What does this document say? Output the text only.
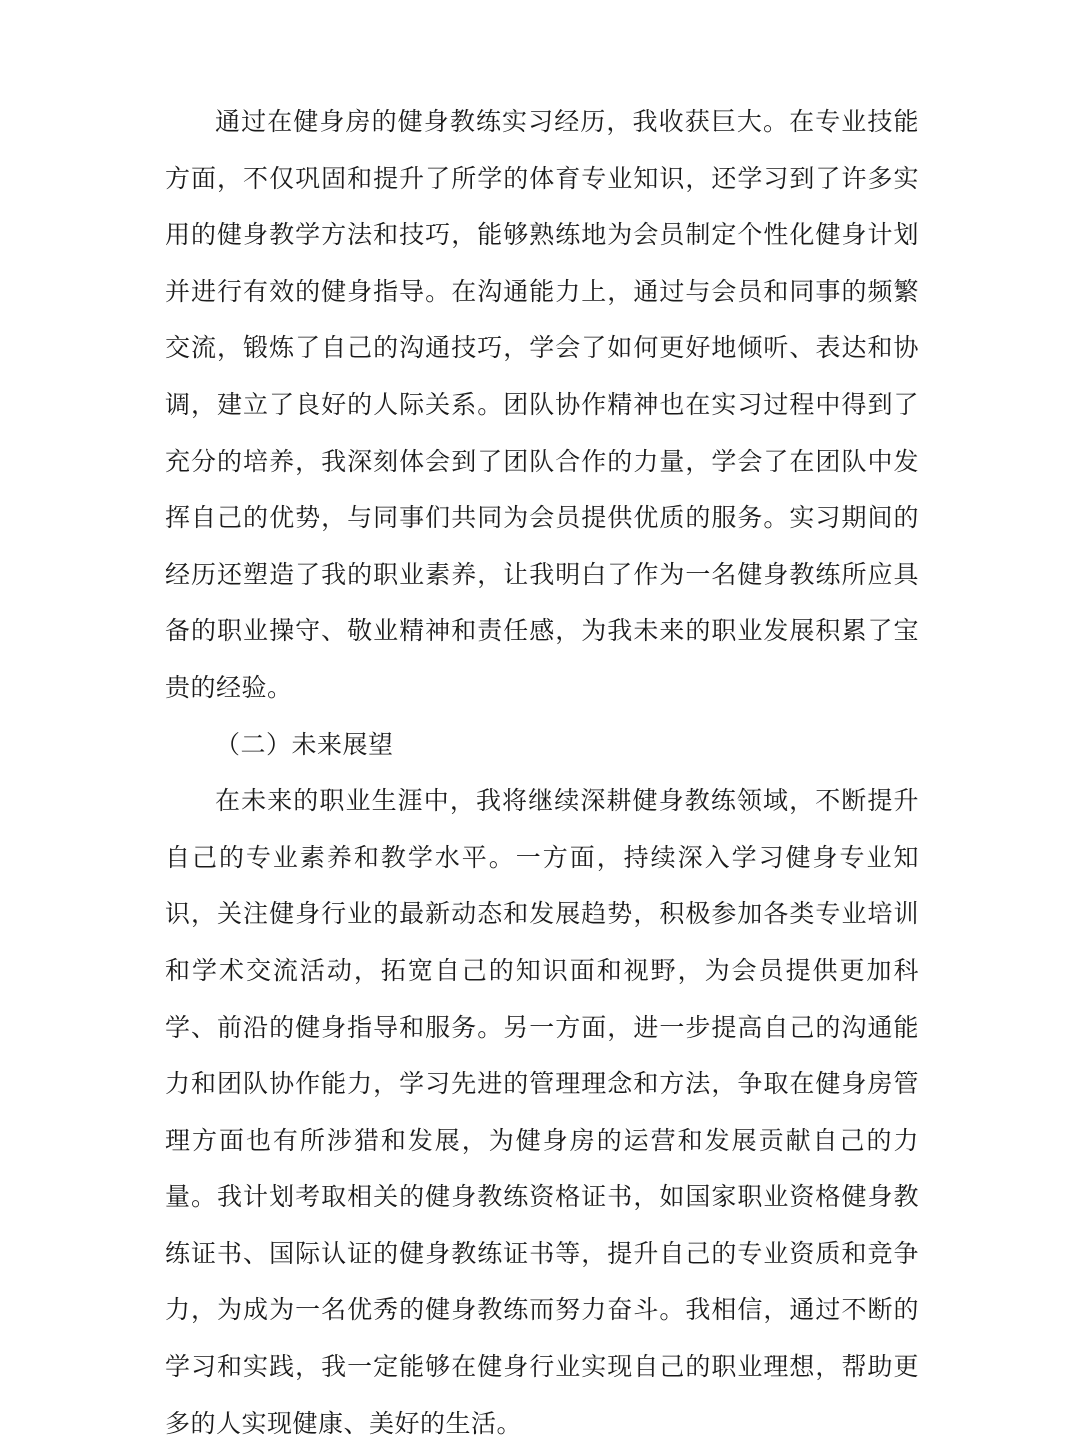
通过在健身房的健身教练实习经历，我收获巨大。在专业技能方面，不仅巩固和提升了所学的体育专业知识，还学习到了许多实用的健身教学方法和技巧，能够熟练地为会员制定个性化健身计划并进行有效的健身指导。在沟通能力上，通过与会员和同事的频繁交流，锻炼了自己的沟通技巧，学会了如何更好地倾听、表达和协调，建立了良好的人际关系。团队协作精神也在实习过程中得到了充分的培养，我深刻体会到了团队合作的力量，学会了在团队中发挥自己的优势，与同事们共同为会员提供优质的服务。实习期间的经历还塑造了我的职业素养，让我明白了作为一名健身教练所应具备的职业操守、敬业精神和责任感，为我未来的职业发展积累了宝贵的经验。

（二）未来展望

在未来的职业生涯中，我将继续深耕健身教练领域，不断提升自己的专业素养和教学水平。一方面，持续深入学习健身专业知识，关注健身行业的最新动态和发展趋势，积极参加各类专业培训和学术交流活动，拓宽自己的知识面和视野，为会员提供更加科学、前沿的健身指导和服务。另一方面，进一步提高自己的沟通能力和团队协作能力，学习先进的管理理念和方法，争取在健身房管理方面也有所涉猎和发展，为健身房的运营和发展贡献自己的力量。我计划考取相关的健身教练资格证书，如国家职业资格健身教练证书、国际认证的健身教练证书等，提升自己的专业资质和竞争力，为成为一名优秀的健身教练而努力奋斗。我相信，通过不断的学习和实践，我一定能够在健身行业实现自己的职业理想，帮助更多的人实现健康、美好的生活。
